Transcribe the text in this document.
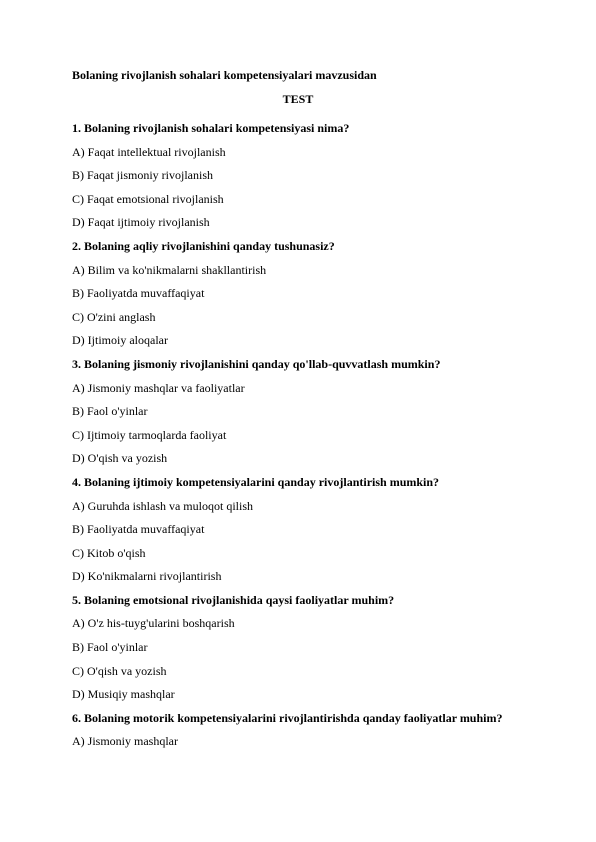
Bolaning rivojlanish sohalari kompetensiyalari mavzusidan
TEST
1. Bolaning rivojlanish sohalari kompetensiyasi nima?
A) Faqat intellektual rivojlanish
B) Faqat jismoniy rivojlanish
C) Faqat emotsional rivojlanish
D) Faqat ijtimoiy rivojlanish
2. Bolaning aqliy rivojlanishini qanday tushunasiz?
A) Bilim va ko'nikmalarni shakllantirish
B) Faoliyatda muvaffaqiyat
C) O'zini anglash
D) Ijtimoiy aloqalar
3. Bolaning jismoniy rivojlanishini qanday qo'llab-quvvatlash mumkin?
A) Jismoniy mashqlar va faoliyatlar
B) Faol o'yinlar
C) Ijtimoiy tarmoqlarda faoliyat
D) O'qish va yozish
4. Bolaning ijtimoiy kompetensiyalarini qanday rivojlantirish mumkin?
A) Guruhda ishlash va muloqot qilish
B) Faoliyatda muvaffaqiyat
C) Kitob o'qish
D) Ko'nikmalarni rivojlantirish
5. Bolaning emotsional rivojlanishida qaysi faoliyatlar muhim?
A) O'z his-tuyg'ularini boshqarish
B) Faol o'yinlar
C) O'qish va yozish
D) Musiqiy mashqlar
6. Bolaning motorik kompetensiyalarini rivojlantirishda qanday faoliyatlar muhim?
A) Jismoniy mashqlar
